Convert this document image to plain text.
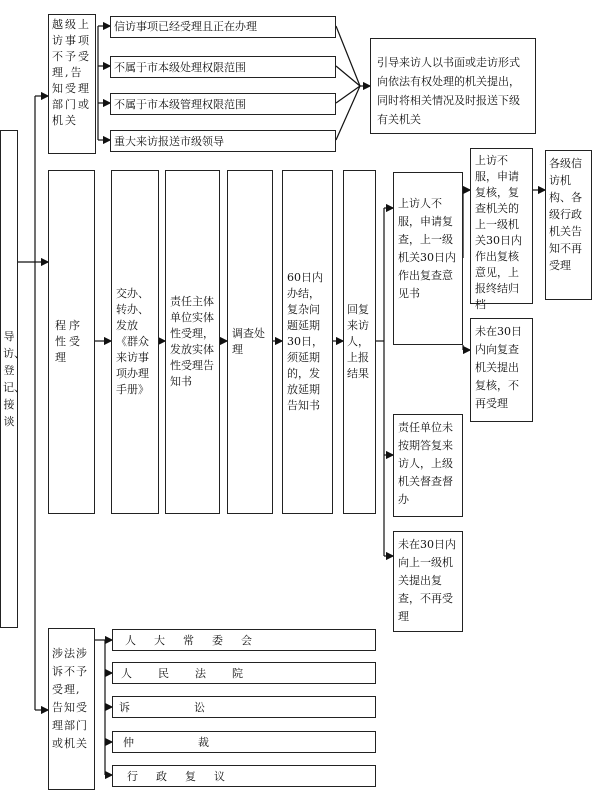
导访、登记、接谈
越级上访事项不予受理,告知受理部门或机关
信访事项已经受理且正在办理
不属于市本级处理权限范围
不属于市本级管理权限范围
重大来访报送市级领导
引导来访人以书面或走访形式向依法有权处理的机关提出，同时将相关情况及时报送下级有关机关
程序性受理
交办、转办、发放《群众来访事项办理手册》
责任主体单位实体性受理，发放实体性受理告知书
调查处理
60日内办结，复杂问题延期30日，须延期的，发放延期告知书
回复来访人，上报结果
上访人不服，申请复查，上一级机关30日内作出复查意见书
上访不服，申请复核，复查机关的上一级机关30日内作出复核意见，上报终结归档
各级信访机构、各级行政机关告知不再受理
未在30日内向复查机关提出复核，不再受理
责任单位未按期答复来访人，上级机关督查督办
未在30日内向上一级机关提出复查，不再受理
涉法涉诉不予受理,告知受理部门或机关
人大常委会
人民法院
诉讼
仲裁
行政复议
